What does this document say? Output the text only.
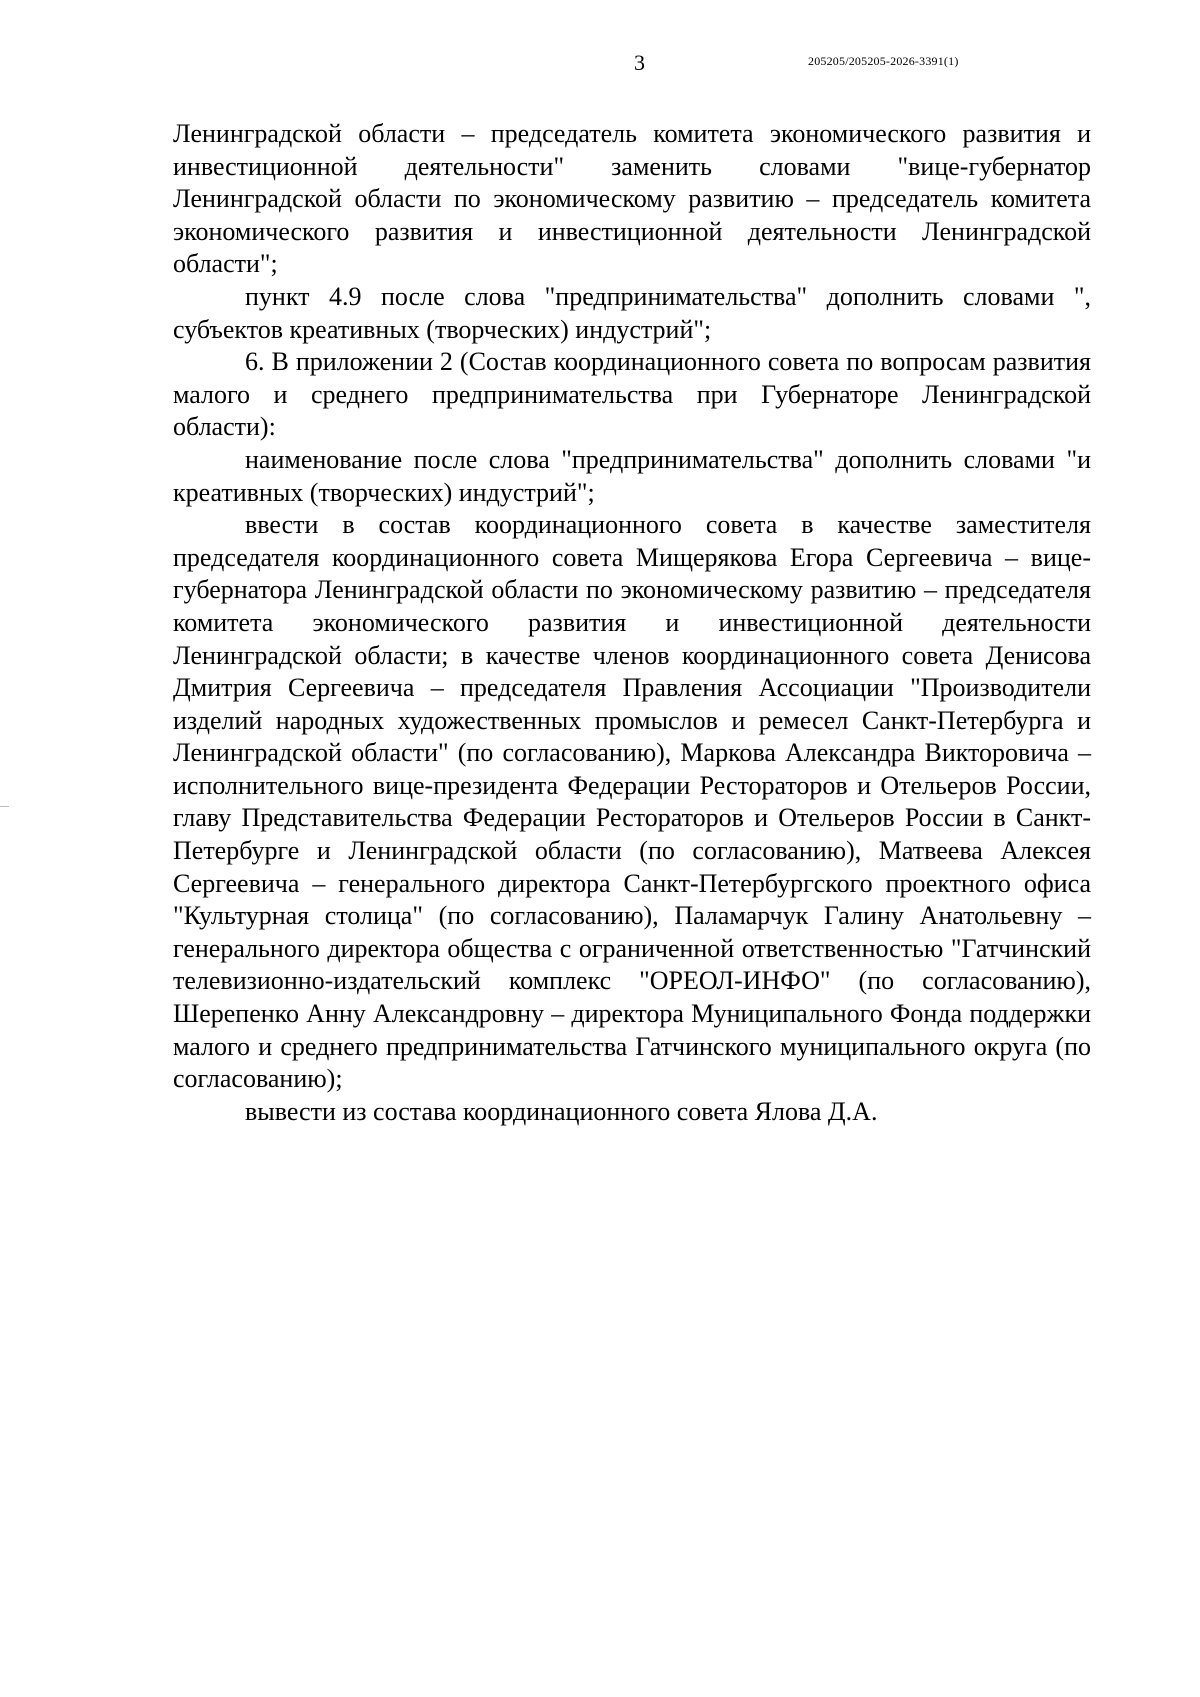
3	205205/205205-2026-3391(1)

Ленинградской области – председатель комитета экономического развития и инвестиционной деятельности" заменить словами "вице-губернатор Ленинградской области по экономическому развитию – председатель комитета экономического развития и инвестиционной деятельности Ленинградской области";

пункт 4.9 после слова "предпринимательства" дополнить словами ", субъектов креативных (творческих) индустрий";

6. В приложении 2 (Состав координационного совета по вопросам развития малого и среднего предпринимательства при Губернаторе Ленинградской области):

наименование после слова "предпринимательства" дополнить словами "и креативных (творческих) индустрий";

ввести в состав координационного совета в качестве заместителя председателя координационного совета Мищерякова Егора Сергеевича – вице-губернатора Ленинградской области по экономическому развитию – председателя комитета экономического развития и инвестиционной деятельности Ленинградской области; в качестве членов координационного совета Денисова Дмитрия Сергеевича – председателя Правления Ассоциации "Производители изделий народных художественных промыслов и ремесел Санкт-Петербурга и Ленинградской области" (по согласованию), Маркова Александра Викторовича – исполнительного вице-президента Федерации Рестораторов и Отельеров России, главу Представительства Федерации Рестораторов и Отельеров России в Санкт-Петербурге и Ленинградской области (по согласованию), Матвеева Алексея Сергеевича – генерального директора Санкт-Петербургского проектного офиса "Культурная столица" (по согласованию), Паламарчук Галину Анатольевну – генерального директора общества с ограниченной ответственностью "Гатчинский телевизионно-издательский комплекс "ОРЕОЛ-ИНФО" (по согласованию), Шерепенко Анну Александровну – директора Муниципального Фонда поддержки малого и среднего предпринимательства Гатчинского муниципального округа (по согласованию);

вывести из состава координационного совета Ялова Д.А.
